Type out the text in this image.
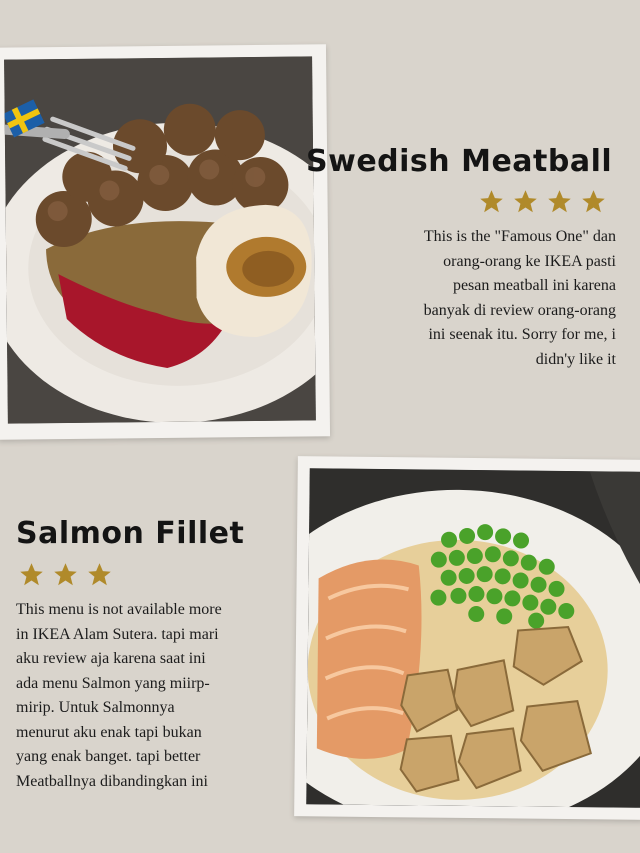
Swedish Meatball
This is the "Famous One" dan
orang-orang ke IKEA pasti
pesan meatball ini karena
banyak di review orang-orang
ini seenak itu. Sorry for me, i
didn'y like it
Salmon Fillet
This menu is not available more
in IKEA Alam Sutera. tapi mari
aku review aja karena saat ini
ada menu Salmon yang miirp-
mirip. Untuk Salmonnya
menurut aku enak tapi bukan
yang enak banget. tapi better
Meatballnya dibandingkan ini
